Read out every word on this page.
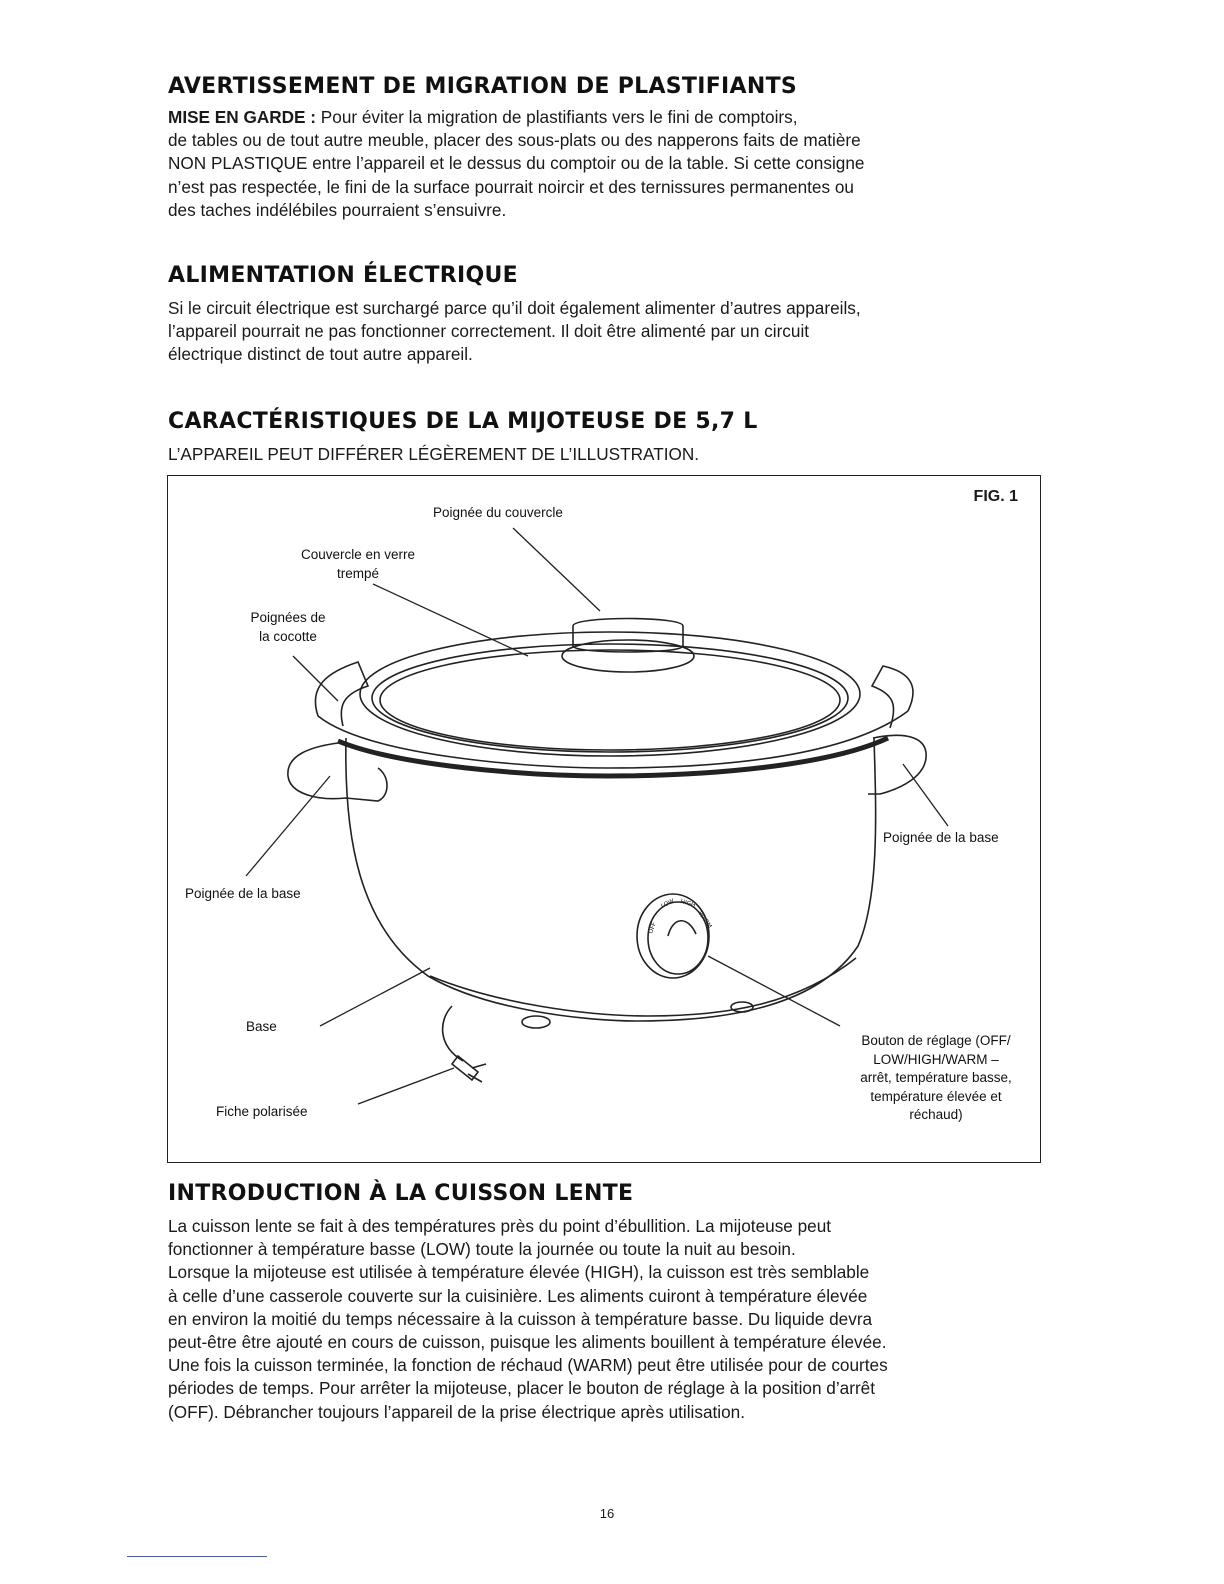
AVERTISSEMENT DE MIGRATION DE PLASTIFIANTS

MISE EN GARDE : Pour éviter la migration de plastifiants vers le fini de comptoirs,

de tables ou de tout autre meuble, placer des sous-plats ou des napperons faits de matière

NON PLASTIQUE entre l’appareil et le dessus du comptoir ou de la table. Si cette consigne

n’est pas respectée, le fini de la surface pourrait noircir et des ternissures permanentes ou

des taches indélébiles pourraient s’ensuivre.

ALIMENTATION ÉLECTRIQUE

Si le circuit électrique est surchargé parce qu’il doit également alimenter d’autres appareils,

l’appareil pourrait ne pas fonctionner correctement. Il doit être alimenté par un circuit

électrique distinct de tout autre appareil.

CARACTÉRISTIQUES DE LA MIJOTEUSE DE 5,7 L

L’APPAREIL PEUT DIFFÉRER LÉGÈREMENT DE L’ILLUSTRATION.

FIG. 1
OFF
LOW HIGH
WARM
Poignée du couvercle
Couvercle en verre
trempé
Poignées de
la cocotte
Poignée de la base
Poignée de la base
Base
Fiche polarisée
Bouton de réglage (OFF/
LOW/HIGH/WARM –
arrêt, température basse,
température élevée et
réchaud)
INTRODUCTION À LA CUISSON LENTE

La cuisson lente se fait à des températures près du point d’ébullition. La mijoteuse peut

fonctionner à température basse (LOW) toute la journée ou toute la nuit au besoin.

Lorsque la mijoteuse est utilisée à température élevée (HIGH), la cuisson est très semblable

à celle d’une casserole couverte sur la cuisinière. Les aliments cuiront à température élevée

en environ la moitié du temps nécessaire à la cuisson à température basse. Du liquide devra

peut-être être ajouté en cours de cuisson, puisque les aliments bouillent à température élevée.

Une fois la cuisson terminée, la fonction de réchaud (WARM) peut être utilisée pour de courtes

périodes de temps. Pour arrêter la mijoteuse, placer le bouton de réglage à la position d’arrêt

(OFF). Débrancher toujours l’appareil de la prise électrique après utilisation.

16
